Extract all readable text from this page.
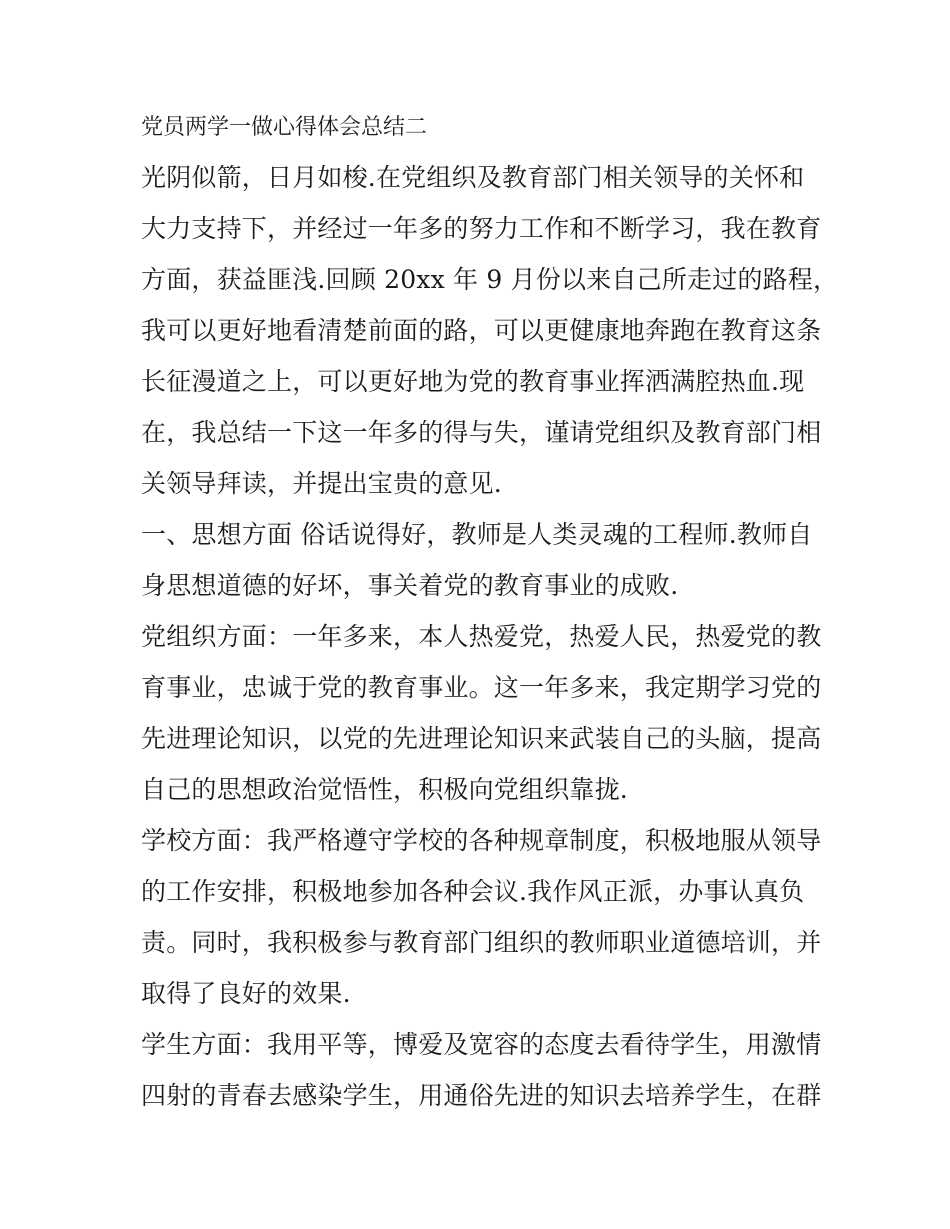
党员两学一做心得体会总结二
光阴似箭，日月如梭.在党组织及教育部门相关领导的关怀和
大力支持下，并经过一年多的努力工作和不断学习，我在教育
方面，获益匪浅.回顾 20xx 年 9 月份以来自己所走过的路程，
我可以更好地看清楚前面的路，可以更健康地奔跑在教育这条
长征漫道之上，可以更好地为党的教育事业挥洒满腔热血.现
在，我总结一下这一年多的得与失，谨请党组织及教育部门相
关领导拜读，并提出宝贵的意见.
一、思想方面 俗话说得好，教师是人类灵魂的工程师.教师自
身思想道德的好坏，事关着党的教育事业的成败.
党组织方面：一年多来，本人热爱党，热爱人民，热爱党的教
育事业，忠诚于党的教育事业。这一年多来，我定期学习党的
先进理论知识，以党的先进理论知识来武装自己的头脑，提高
自己的思想政治觉悟性，积极向党组织靠拢.
学校方面：我严格遵守学校的各种规章制度，积极地服从领导
的工作安排，积极地参加各种会议.我作风正派，办事认真负
责。同时，我积极参与教育部门组织的教师职业道德培训，并
取得了良好的效果.
学生方面：我用平等，博爱及宽容的态度去看待学生，用激情
四射的青春去感染学生，用通俗先进的知识去培养学生，在群
